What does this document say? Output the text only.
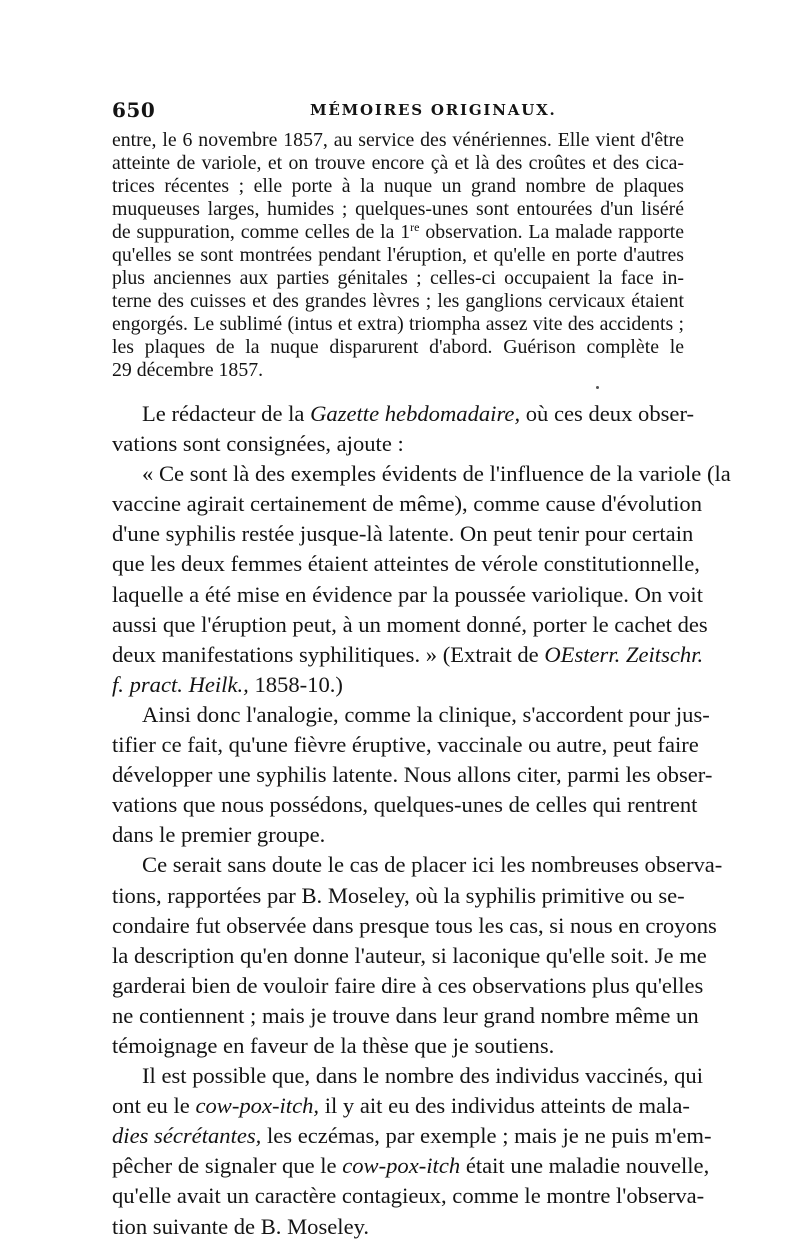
650	MÉMOIRES ORIGINAUX.
entre, le 6 novembre 1857, au service des vénériennes. Elle vient d'être
atteinte de variole, et on trouve encore çà et là des croûtes et des cica-
trices récentes ; elle porte à la nuque un grand nombre de plaques
muqueuses larges, humides ; quelques-unes sont entourées d'un liséré
de suppuration, comme celles de la 1re observation. La malade rapporte
qu'elles se sont montrées pendant l'éruption, et qu'elle en porte d'autres
plus anciennes aux parties génitales ; celles-ci occupaient la face in-
terne des cuisses et des grandes lèvres ; les ganglions cervicaux étaient
engorgés. Le sublimé (intus et extra) triompha assez vite des accidents ;
les plaques de la nuque disparurent d'abord. Guérison complète le
29 décembre 1857.
Le rédacteur de la Gazette hebdomadaire, où ces deux obser-
vations sont consignées, ajoute :
« Ce sont là des exemples évidents de l'influence de la variole (la
vaccine agirait certainement de même), comme cause d'évolution
d'une syphilis restée jusque-là latente. On peut tenir pour certain
que les deux femmes étaient atteintes de vérole constitutionnelle,
laquelle a été mise en évidence par la poussée variolique. On voit
aussi que l'éruption peut, à un moment donné, porter le cachet des
deux manifestations syphilitiques. » (Extrait de OEsterr. Zeitschr.
f. pract. Heilk., 1858-10.)
Ainsi donc l'analogie, comme la clinique, s'accordent pour jus-
tifier ce fait, qu'une fièvre éruptive, vaccinale ou autre, peut faire
développer une syphilis latente. Nous allons citer, parmi les obser-
vations que nous possédons, quelques-unes de celles qui rentrent
dans le premier groupe.
Ce serait sans doute le cas de placer ici les nombreuses observa-
tions, rapportées par B. Moseley, où la syphilis primitive ou se-
condaire fut observée dans presque tous les cas, si nous en croyons
la description qu'en donne l'auteur, si laconique qu'elle soit. Je me
garderai bien de vouloir faire dire à ces observations plus qu'elles
ne contiennent ; mais je trouve dans leur grand nombre même un
témoignage en faveur de la thèse que je soutiens.
Il est possible que, dans le nombre des individus vaccinés, qui
ont eu le cow-pox-itch, il y ait eu des individus atteints de mala-
dies sécrétantes, les eczémas, par exemple ; mais je ne puis m'em-
pêcher de signaler que le cow-pox-itch était une maladie nouvelle,
qu'elle avait un caractère contagieux, comme le montre l'observa-
tion suivante de B. Moseley.
